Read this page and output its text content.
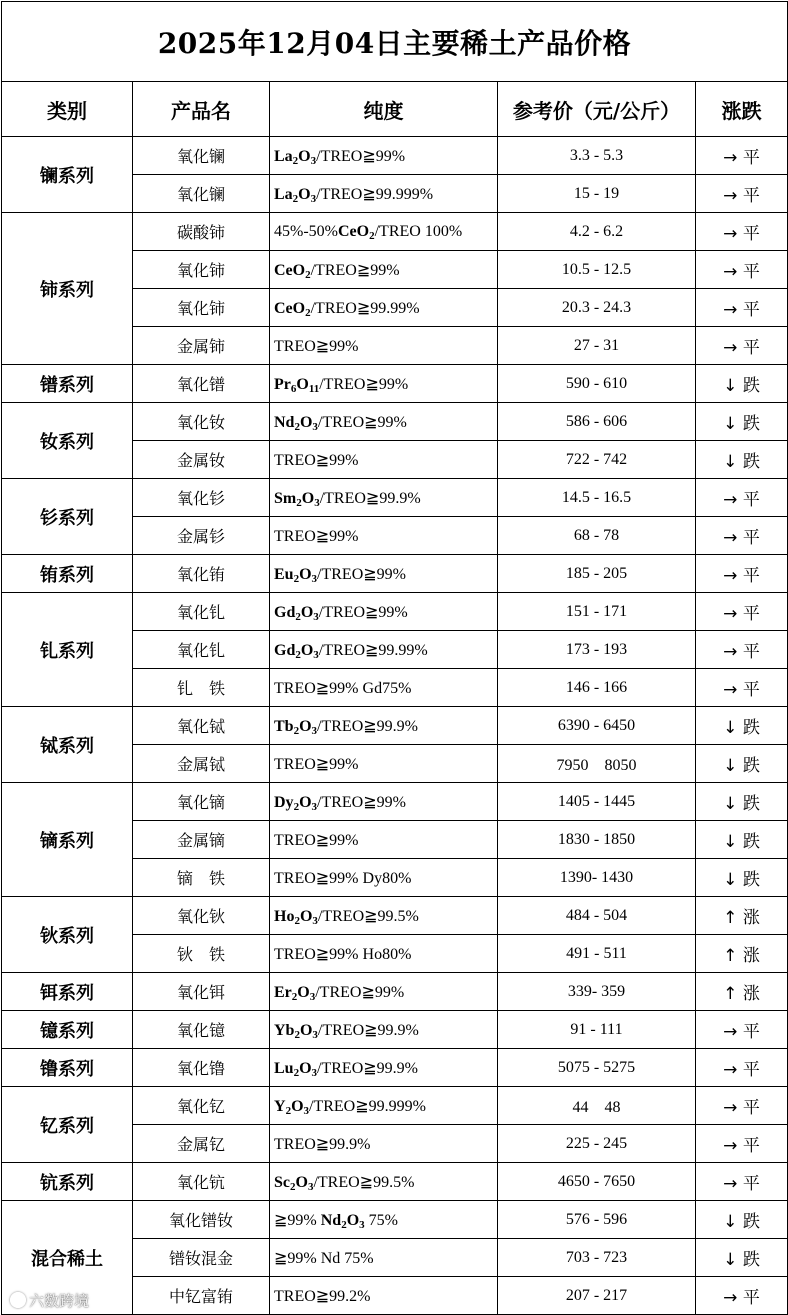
2025年12月04日主要稀土产品价格				
类别	产品名	纯度	参考价（元/公斤）	涨跌
镧系列	氧化镧	$La_2O_3/TREO≧99\%$	3.3 - 5.3	→ 平
	氧化镧	$La_2O_3/TREO≧99.999\%$	15 - 19	→ 平
铈系列	碳酸铈	45%-50%CeO$_2$/TREO 100%	4.2 - 6.2	→ 平
	氧化铈	CeO$_2$/TREO≧99%	10.5 - 12.5	→ 平
	氧化铈	CeO$_2$/TREO≧99.99%	20.3 - 24.3	→ 平
	金属铈	TREO≧99%	27 - 31	→ 平
镨系列	氧化镨	$Pr_6O_{11}/TREO≧99\%$	590 - 610	↓ 跌
钕系列	氧化钕	$Nd_2O_3/TREO≧99\%$	586 - 606	↓ 跌
	金属钕	TREO≧99%	722 - 742	↓ 跌
钐系列	氧化钐	$Sm_2O_3/TREO≧99.9\%$	14.5 - 16.5	→ 平
	金属钐	TREO≧99%	68 - 78	→ 平
铕系列	氧化铕	$Eu_2O_3/TREO≧99\%$	185 - 205	→ 平
钆系列	氧化钆	$Gd_2O_3/TREO≧99\%$	151 - 171	→ 平
	氧化钆	$Gd_2O_3/TREO≧99.99\%$	173 - 193	→ 平
	钆　铁	TREO≧99% Gd75%	146 - 166	→ 平
铽系列	氧化铽	$Tb_2O_3/TREO≧99.9\%$	6390 - 6450	↓ 跌
	金属铽	TREO≧99%	7950　8050	↓ 跌
镝系列	氧化镝	$Dy_2O_3/TREO≧99\%$	1405 - 1445	↓ 跌
	金属镝	TREO≧99%	1830 - 1850	↓ 跌
	镝　铁	TREO≧99% Dy80%	1390- 1430	↓ 跌
钬系列	氧化钬	$Ho_2O_3/TREO≧99.5\%$	484 - 504	↑ 涨
	钬　铁	TREO≧99% Ho80%	491 - 511	↑ 涨
铒系列	氧化铒	$Er_2O_3/TREO≧99\%$	339- 359	↑ 涨
镱系列	氧化镱	$Yb_2O_3/TREO≧99.9\%$	91 - 111	→ 平
镥系列	氧化镥	$Lu_2O_3/TREO≧99.9\%$	5075 - 5275	→ 平
钇系列	氧化钇	$Y_2O_3/TREO≧99.999\%$	44　48	→ 平
	金属钇	TREO≧99.9%	225 - 245	→ 平
钪系列	氧化钪	$Sc_2O_3/TREO≧99.5\%$	4650 - 7650	→ 平
混合稀土	氧化镨钕	≧99% $Nd_2O_3$ 75%	576 - 596	↓ 跌
	镨钕混金	≧99% Nd 75%	703 - 723	↓ 跌
	中钇富铕	TREO≧99.2%	207 - 217	→ 平
六数跨境
